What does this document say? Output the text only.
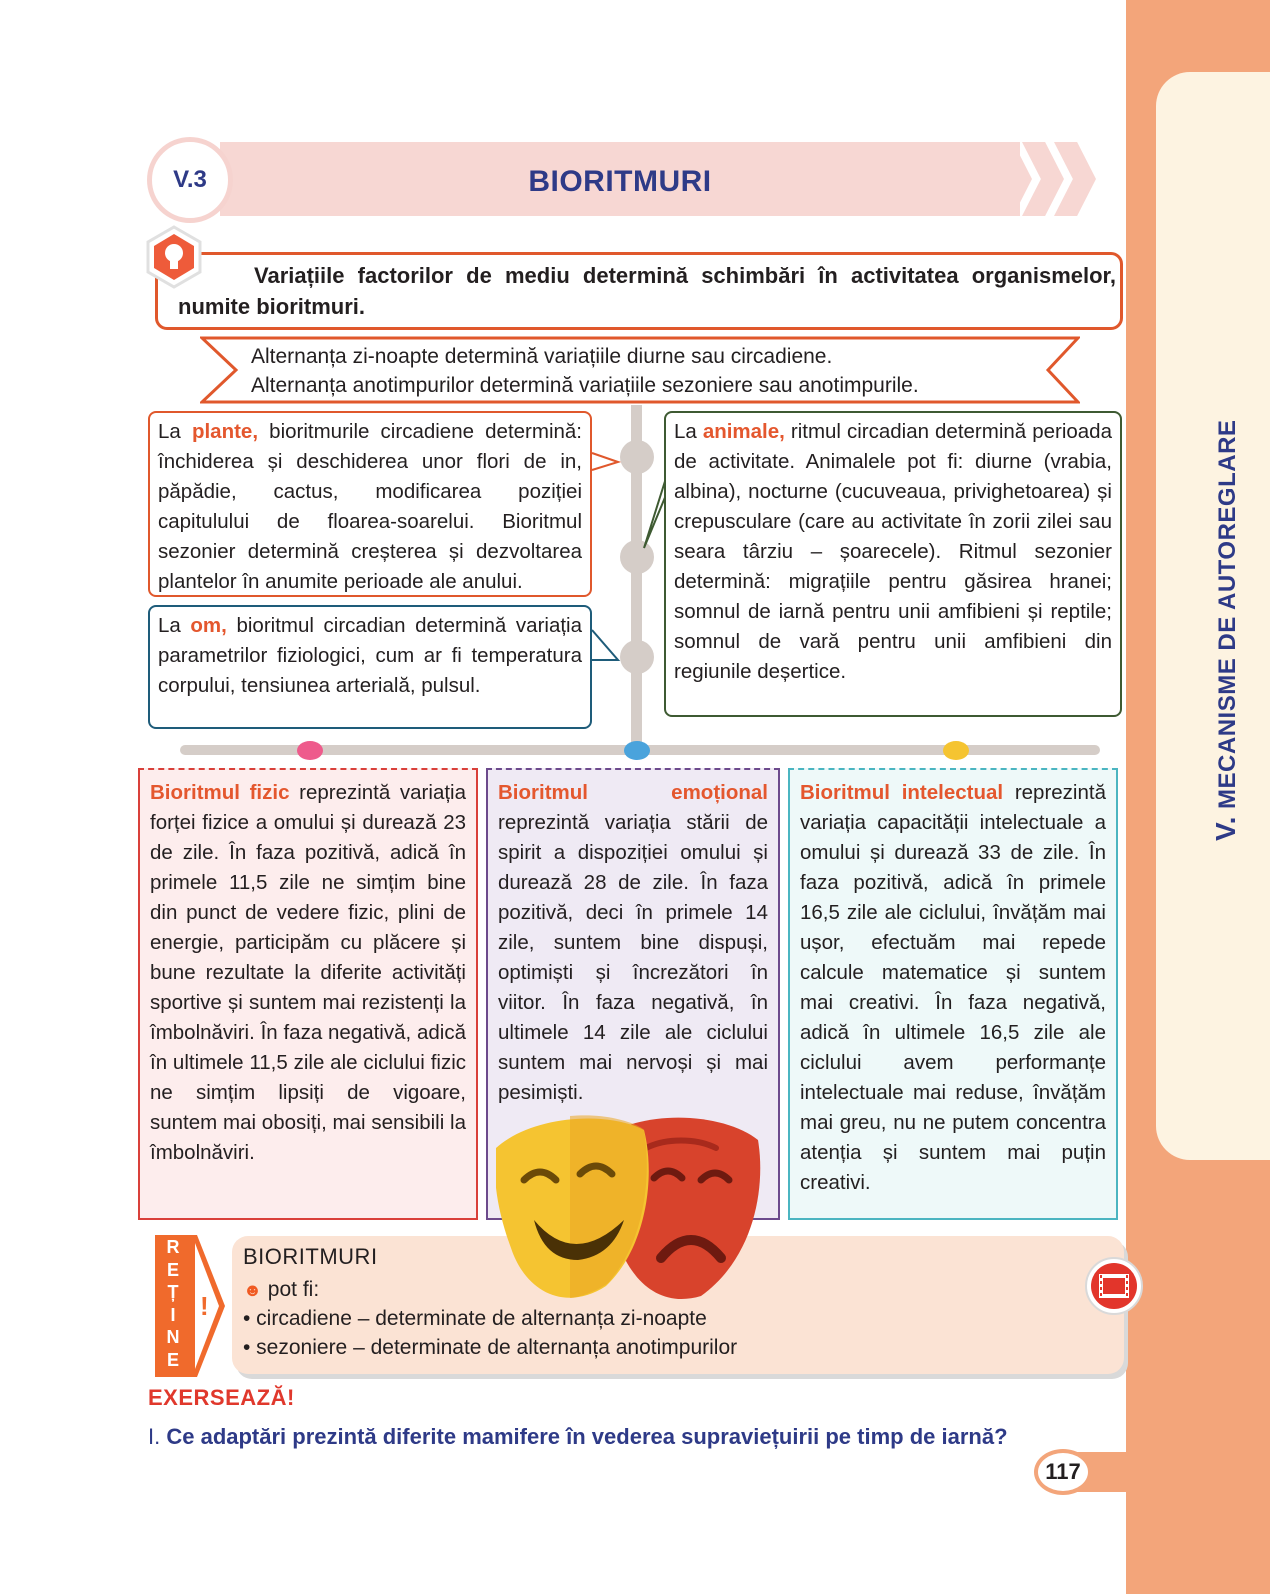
V. MECANISME DE AUTOREGLARE
V.3	BIORITMURI
Variațiile factorilor de mediu determină schimbări în activitatea organismelor, numite bioritmuri.
Alternanța zi-noapte determină variațiile diurne sau circadiene.
Alternanța anotimpurilor determină variațiile sezoniere sau anotimpurile.
La plante, bioritmurile circadiene determină: închiderea și deschiderea unor flori de in, păpădie, cactus, modificarea poziției capitulului de floarea-soarelui. Bioritmul sezonier determină creșterea și dezvoltarea plantelor în anumite perioade ale anului.
La om, bioritmul circadian determină variația parametrilor fiziologici, cum ar fi temperatura corpului, tensiunea arterială, pulsul.
La animale, ritmul circadian determină perioada de activitate. Animalele pot fi: diurne (vrabia, albina), nocturne (cucuveaua, privighetoarea) și crepusculare (care au activitate în zorii zilei sau seara târziu – șoarecele). Ritmul sezonier determină: migrațiile pentru găsirea hranei; somnul de iarnă pentru unii amfibieni și reptile; somnul de vară pentru unii amfibieni din regiunile deșertice.
Bioritmul fizic reprezintă variația forței fizice a omului și durează 23 de zile. În faza pozitivă, adică în primele 11,5 zile ne simțim bine din punct de vedere fizic, plini de energie, participăm cu plăcere și bune rezultate la diferite activități sportive și suntem mai rezistenți la îmbolnăviri. În faza negativă, adică în ultimele 11,5 zile ale ciclului fizic ne simțim lipsiți de vigoare, suntem mai obosiți, mai sensibili la îmbolnăviri.
Bioritmul emoțional reprezintă variația stării de spirit a dispoziției omului și durează 28 de zile. În faza pozitivă, deci în primele 14 zile, suntem bine dispuși, optimiști și încrezători în viitor. În faza negativă, în ultimele 14 zile ale ciclului suntem mai nervoși și mai pesimiști.
Bioritmul intelectual reprezintă variația capacității intelectuale a omului și durează 33 de zile. În faza pozitivă, adică în primele 16,5 zile ale ciclului, învățăm mai ușor, efectuăm mai repede calcule matematice și suntem mai creativi. În faza negativă, adică în ultimele 16,5 zile ale ciclului avem performanțe intelectuale mai reduse, învățăm mai greu, nu ne putem concentra atenția și suntem mai puțin creativi.
R
E
Ț
I
N
E
!
BIORITMURI
☻ pot fi:
• circadiene – determinate de alternanța zi-noapte
• sezoniere – determinate de alternanța anotimpurilor
EXERSEAZĂ!
I. Ce adaptări prezintă diferite mamifere în vederea supraviețuirii pe timp de iarnă?
117
